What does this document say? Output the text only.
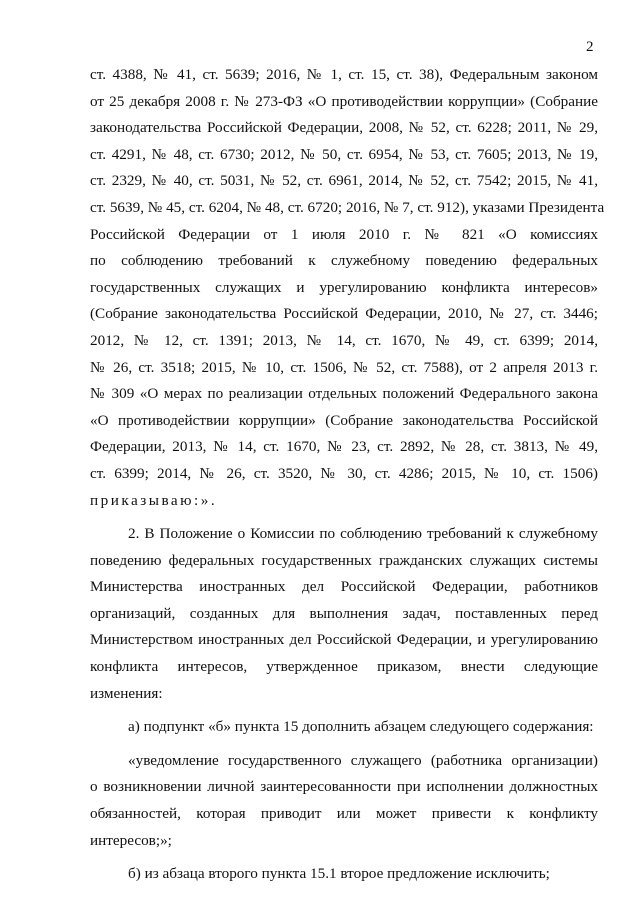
2
ст. 4388, № 41, ст. 5639; 2016, № 1, ст. 15, ст. 38), Федеральным законом
от 25 декабря 2008 г. № 273-ФЗ «О противодействии коррупции» (Собрание
законодательства Российской Федерации, 2008, № 52, ст. 6228; 2011, № 29,
ст. 4291, № 48, ст. 6730; 2012, № 50, ст. 6954, № 53, ст. 7605; 2013, № 19,
ст. 2329, № 40, ст. 5031, № 52, ст. 6961, 2014, № 52, ст. 7542; 2015, № 41,
ст. 5639, № 45, ст. 6204, № 48, ст. 6720; 2016, № 7, ст. 912), указами Президента
Российской Федерации от 1 июля 2010 г. № 821 «О комиссиях
по соблюдению требований к служебному поведению федеральных
государственных служащих и урегулированию конфликта интересов»
(Собрание законодательства Российской Федерации, 2010, № 27, ст. 3446;
2012, № 12, ст. 1391; 2013, № 14, ст. 1670, № 49, ст. 6399; 2014,
№ 26, ст. 3518; 2015, № 10, ст. 1506, № 52, ст. 7588), от 2 апреля 2013 г.
№ 309 «О мерах по реализации отдельных положений Федерального закона
«О противодействии коррупции» (Собрание законодательства Российской
Федерации, 2013, № 14, ст. 1670, № 23, ст. 2892, № 28, ст. 3813, № 49,
ст. 6399; 2014, № 26, ст. 3520, № 30, ст. 4286; 2015, № 10, ст. 1506)
приказываю:».
2. В Положение о Комиссии по соблюдению требований к служебному
поведению федеральных государственных гражданских служащих системы
Министерства иностранных дел Российской Федерации, работников
организаций, созданных для выполнения задач, поставленных перед
Министерством иностранных дел Российской Федерации, и урегулированию
конфликта интересов, утвержденное приказом, внести следующие
изменения:
а) подпункт «б» пункта 15 дополнить абзацем следующего содержания:
«уведомление государственного служащего (работника организации)
о возникновении личной заинтересованности при исполнении должностных
обязанностей, которая приводит или может привести к конфликту
интересов;»;
б) из абзаца второго пункта 15.1 второе предложение исключить;
